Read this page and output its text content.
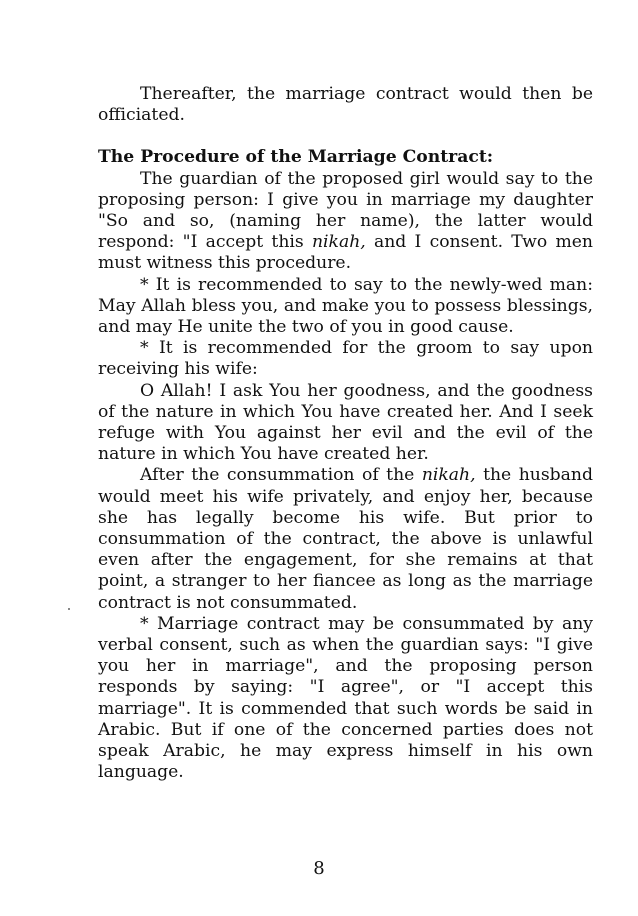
Thereafter, the marriage contract would then be officiated.

The Procedure of the Marriage Contract:

The guardian of the proposed girl would say to the proposing person: I give you in marriage my daughter "So and so, (naming her name), the latter would respond: "I accept this nikah, and I consent. Two men must witness this procedure.

* It is recommended to say to the newly-wed man: May Allah bless you, and make you to possess blessings, and may He unite the two of you in good cause.

* It is recommended for the groom to say upon receiving his wife:

O Allah! I ask You her goodness, and the goodness of the nature in which You have created her. And I seek refuge with You against her evil and the evil of the nature in which You have created her.

After the consummation of the nikah, the husband would meet his wife privately, and enjoy her, because she has legally become his wife. But prior to consummation of the contract, the above is unlawful even after the engagement, for she remains at that point, a stranger to her fiancee as long as the marriage contract is not consummated.

* Marriage contract may be consummated by any verbal consent, such as when the guardian says: "I give you her in marriage", and the proposing person responds by saying: "I agree", or "I accept this marriage". It is commended that such words be said in Arabic. But if one of the concerned parties does not speak Arabic, he may express himself in his own language.

8
